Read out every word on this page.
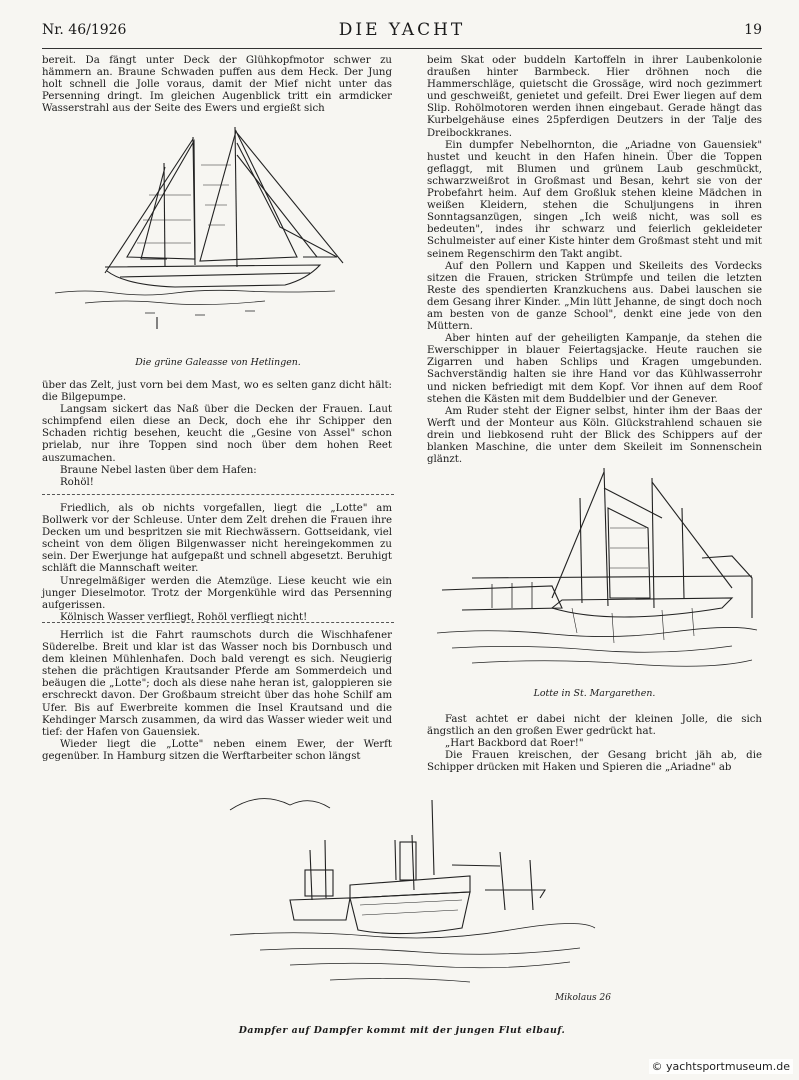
Nr. 46/1926	DIE YACHT	19

bereit. Da fängt unter Deck der Glühkopfmotor schwer zu hämmern an. Braune Schwaden puffen aus dem Heck. Der Jung holt schnell die Jolle voraus, damit der Mief nicht unter das Persenning dringt. Im gleichen Augenblick tritt ein armdicker Wasserstrahl aus der Seite des Ewers und ergießt sich

Die grüne Galeasse von Hetlingen.

über das Zelt, just vorn bei dem Mast, wo es selten ganz dicht hält: die Bilgepumpe.

Langsam sickert das Naß über die Decken der Frauen. Laut schimpfend eilen diese an Deck, doch ehe ihr Schipper den Schaden richtig besehen, keucht die „Gesine von Assel" schon prielab, nur ihre Toppen sind noch über dem hohen Reet auszumachen.

Braune Nebel lasten über dem Hafen:

Rohöl!

Friedlich, als ob nichts vorgefallen, liegt die „Lotte" am Bollwerk vor der Schleuse. Unter dem Zelt drehen die Frauen ihre Decken um und bespritzen sie mit Riechwässern. Gottseidank, viel scheint von dem öligen Bilgenwasser nicht hereingekommen zu sein. Der Ewerjunge hat aufgepaßt und schnell abgesetzt. Beruhigt schläft die Mannschaft weiter.

Unregelmäßiger werden die Atemzüge. Liese keucht wie ein junger Dieselmotor. Trotz der Morgenkühle wird das Persenning aufgerissen.

Kölnisch Wasser verfliegt, Rohöl verfliegt nicht!

Herrlich ist die Fahrt raumschots durch die Wischhafener Süderelbe. Breit und klar ist das Wasser noch bis Dornbusch und dem kleinen Mühlenhafen. Doch bald verengt es sich. Neugierig stehen die prächtigen Krautsander Pferde am Sommerdeich und beäugen die „Lotte"; doch als diese nahe heran ist, galoppieren sie erschreckt davon. Der Großbaum streicht über das hohe Schilf am Ufer. Bis auf Ewerbreite kommen die Insel Krautsand und die Kehdinger Marsch zusammen, da wird das Wasser wieder weit und tief: der Hafen von Gauensiek.

Wieder liegt die „Lotte" neben einem Ewer, der Werft gegenüber. In Hamburg sitzen die Werftarbeiter schon längst

beim Skat oder buddeln Kartoffeln in ihrer Laubenkolonie draußen hinter Barmbeck. Hier dröhnen noch die Hammerschläge, quietscht die Grossäge, wird noch gezimmert und geschweißt, genietet und gefeilt. Drei Ewer liegen auf dem Slip. Rohölmotoren werden ihnen eingebaut. Gerade hängt das Kurbelgehäuse eines 25pferdigen Deutzers in der Talje des Dreibockkranes.

Ein dumpfer Nebelhornton, die „Ariadne von Gauensiek" hustet und keucht in den Hafen hinein. Über die Toppen geflaggt, mit Blumen und grünem Laub geschmückt, schwarzweißrot in Großmast und Besan, kehrt sie von der Probefahrt heim. Auf dem Großluk stehen kleine Mädchen in weißen Kleidern, stehen die Schuljungens in ihren Sonntagsanzügen, singen „Ich weiß nicht, was soll es bedeuten", indes ihr schwarz und feierlich gekleideter Schulmeister auf einer Kiste hinter dem Großmast steht und mit seinem Regenschirm den Takt angibt.

Auf den Pollern und Kappen und Skeileits des Vordecks sitzen die Frauen, stricken Strümpfe und teilen die letzten Reste des spendierten Kranzkuchens aus. Dabei lauschen sie dem Gesang ihrer Kinder. „Min lütt Jehanne, de singt doch noch am besten von de ganze School", denkt eine jede von den Müttern.

Aber hinten auf der geheiligten Kampanje, da stehen die Ewerschipper in blauer Feiertagsjacke. Heute rauchen sie Zigarren und haben Schlips und Kragen umgebunden. Sachverständig halten sie ihre Hand vor das Kühlwasserrohr und nicken befriedigt mit dem Kopf. Vor ihnen auf dem Roof stehen die Kästen mit dem Buddelbier und der Genever.

Am Ruder steht der Eigner selbst, hinter ihm der Baas der Werft und der Monteur aus Köln. Glückstrahlend schauen sie drein und liebkosend ruht der Blick des Schippers auf der blanken Maschine, die unter dem Skeileit im Sonnenschein glänzt.

Lotte in St. Margarethen.

Fast achtet er dabei nicht der kleinen Jolle, die sich ängstlich an den großen Ewer gedrückt hat.

„Hart Backbord dat Roer!"

Die Frauen kreischen, der Gesang bricht jäh ab, die Schipper drücken mit Haken und Spieren die „Ariadne" ab

Mikolaus 26
Dampfer auf Dampfer kommt mit der jungen Flut elbauf.
© yachtsportmuseum.de
